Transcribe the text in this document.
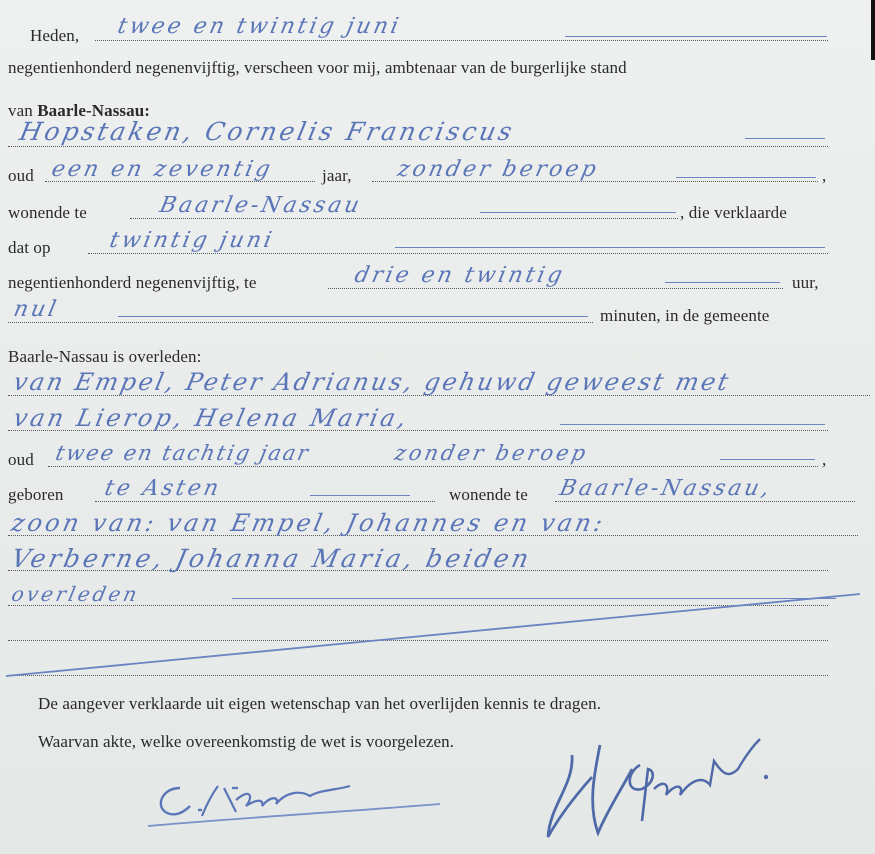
Heden, twee en twintig juni
negentienhonderd negenenvijftig, verscheen voor mij, ambtenaar van de burgerlijke stand
van Baarle-Nassau:
Hopstaken, Cornelis Franciscus
oud een en zeventig	jaar, zonder beroep	,
wonende te	Baarle-Nassau	, die verklaarde
dat op	twintig juni
negentienhonderd negenenvijftig, te	drie en twintig	uur,
nul	minuten, in de gemeente
Baarle-Nassau is overleden:
van Empel, Peter Adrianus, gehuwd geweest met
van Lierop, Helena Maria,
oud twee en tachtig jaar	zonder beroep	,
geboren te Asten	wonende te Baarle-Nassau,
zoon van: van Empel, Johannes en van:
Verberne, Johanna Maria, beiden
overleden
De aangever verklaarde uit eigen wetenschap van het overlijden kennis te dragen.
Waarvan akte, welke overeenkomstig de wet is voorgelezen.
